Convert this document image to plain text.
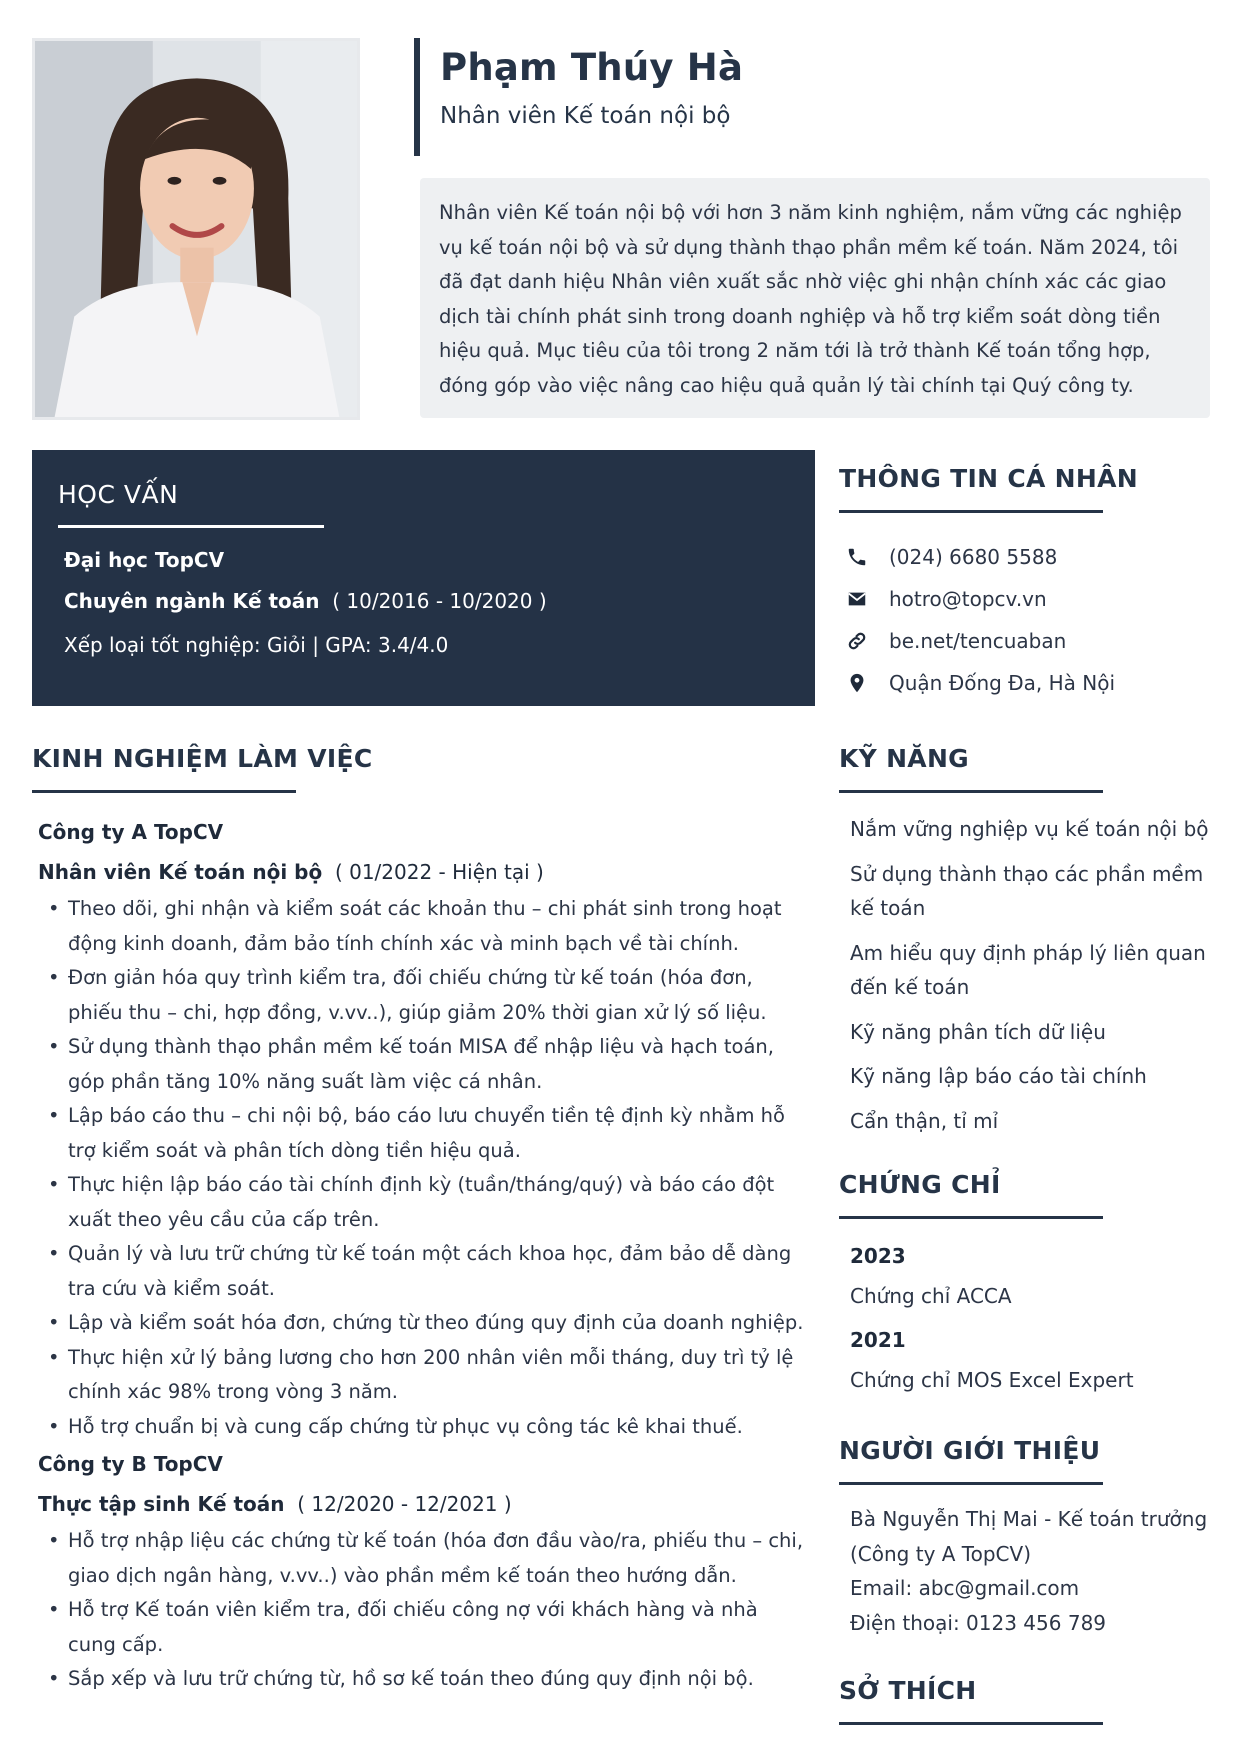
Phạm Thúy Hà
Nhân viên Kế toán nội bộ

Nhân viên Kế toán nội bộ với hơn 3 năm kinh nghiệm, nắm vững các nghiệp vụ kế toán nội bộ và sử dụng thành thạo phần mềm kế toán. Năm 2024, tôi đã đạt danh hiệu Nhân viên xuất sắc nhờ việc ghi nhận chính xác các giao dịch tài chính phát sinh trong doanh nghiệp và hỗ trợ kiểm soát dòng tiền hiệu quả. Mục tiêu của tôi trong 2 năm tới là trở thành Kế toán tổng hợp, đóng góp vào việc nâng cao hiệu quả quản lý tài chính tại Quý công ty.

HỌC VẤN
Đại học TopCV
Chuyên ngành Kế toán ( 10/2016 - 10/2020 )
Xếp loại tốt nghiệp: Giỏi | GPA: 3.4/4.0
THÔNG TIN CÁ NHÂN
(024) 6680 5588
hotro@topcv.vn
be.net/tencuaban
Quận Đống Đa, Hà Nội
KINH NGHIỆM LÀM VIỆC
Công ty A TopCV
Nhân viên Kế toán nội bộ ( 01/2022 - Hiện tại )
• Theo dõi, ghi nhận và kiểm soát các khoản thu – chi phát sinh trong hoạt động kinh doanh, đảm bảo tính chính xác và minh bạch về tài chính.
• Đơn giản hóa quy trình kiểm tra, đối chiếu chứng từ kế toán (hóa đơn, phiếu thu – chi, hợp đồng, v.vv..), giúp giảm 20% thời gian xử lý số liệu.
• Sử dụng thành thạo phần mềm kế toán MISA để nhập liệu và hạch toán, góp phần tăng 10% năng suất làm việc cá nhân.
• Lập báo cáo thu – chi nội bộ, báo cáo lưu chuyển tiền tệ định kỳ nhằm hỗ trợ kiểm soát và phân tích dòng tiền hiệu quả.
• Thực hiện lập báo cáo tài chính định kỳ (tuần/tháng/quý) và báo cáo đột xuất theo yêu cầu của cấp trên.
• Quản lý và lưu trữ chứng từ kế toán một cách khoa học, đảm bảo dễ dàng tra cứu và kiểm soát.
• Lập và kiểm soát hóa đơn, chứng từ theo đúng quy định của doanh nghiệp.
• Thực hiện xử lý bảng lương cho hơn 200 nhân viên mỗi tháng, duy trì tỷ lệ chính xác 98% trong vòng 3 năm.
• Hỗ trợ chuẩn bị và cung cấp chứng từ phục vụ công tác kê khai thuế.
Công ty B TopCV
Thực tập sinh Kế toán ( 12/2020 - 12/2021 )
• Hỗ trợ nhập liệu các chứng từ kế toán (hóa đơn đầu vào/ra, phiếu thu – chi, giao dịch ngân hàng, v.vv..) vào phần mềm kế toán theo hướng dẫn.
• Hỗ trợ Kế toán viên kiểm tra, đối chiếu công nợ với khách hàng và nhà cung cấp.
• Sắp xếp và lưu trữ chứng từ, hồ sơ kế toán theo đúng quy định nội bộ.
KỸ NĂNG
Nắm vững nghiệp vụ kế toán nội bộ
Sử dụng thành thạo các phần mềm kế toán
Am hiểu quy định pháp lý liên quan đến kế toán
Kỹ năng phân tích dữ liệu
Kỹ năng lập báo cáo tài chính
Cẩn thận, tỉ mỉ
CHỨNG CHỈ
2023
Chứng chỉ ACCA
2021
Chứng chỉ MOS Excel Expert
NGƯỜI GIỚI THIỆU

Bà Nguyễn Thị Mai - Kế toán trưởng (Công ty A TopCV)

Email: abc@gmail.com

Điện thoại: 0123 456 789

SỞ THÍCH
